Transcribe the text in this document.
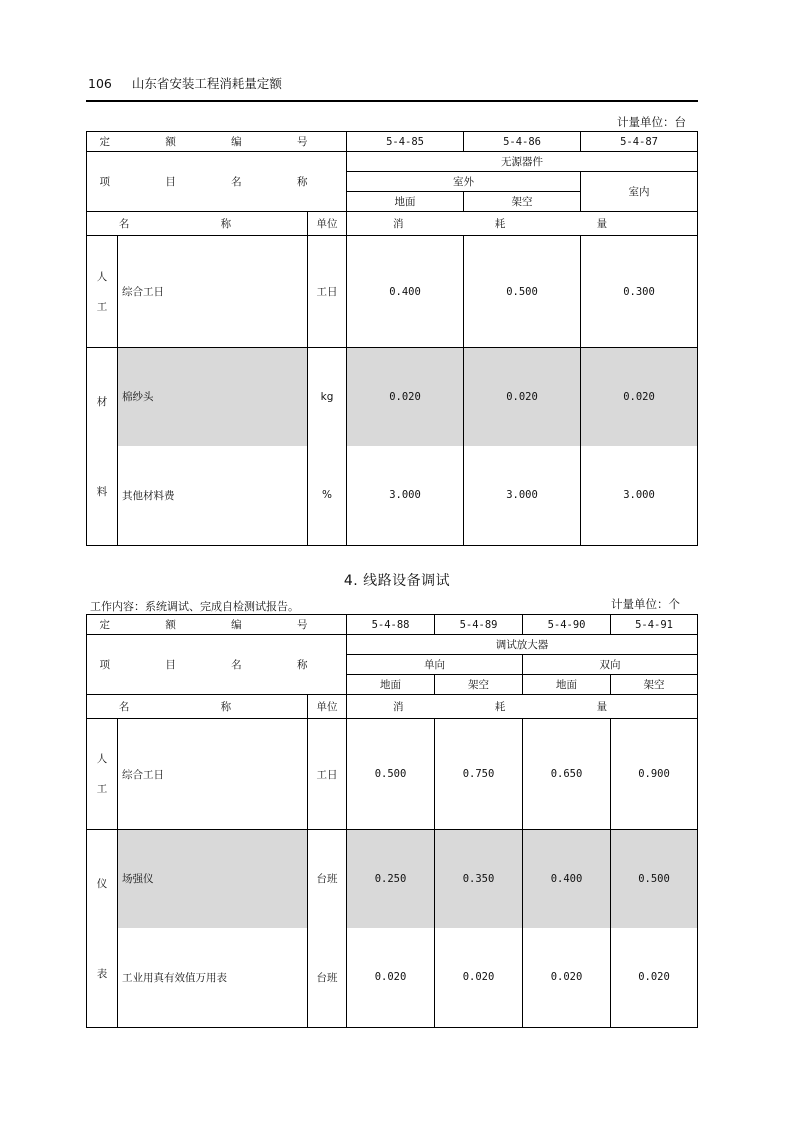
106 山东省安装工程消耗量定额
计量单位：台
定 额 编 号			5-4-85	5-4-86	5-4-87
项 目 名 称			无源器件		
			室外		室内
			地面	架空	
名 称		单位	消 耗 量		
人
工	综合工日	工日	0.400	0.500	0.300
材

料	棉纱头	kg	0.020	0.020	0.020
	其他材料费	%	3.000	3.000	3.000
4. 线路设备调试
工作内容：系统调试、完成自检测试报告。	计量单位：个
定 额 编 号			5-4-88	5-4-89	5-4-90	5-4-91
项 目 名 称			调试放大器			
			单向		双向	
			地面	架空	地面	架空
名 称		单位	消 耗 量			
人
工	综合工日	工日	0.500	0.750	0.650	0.900
仪

表	场强仪	台班	0.250	0.350	0.400	0.500
	工业用真有效值万用表	台班	0.020	0.020	0.020	0.020
